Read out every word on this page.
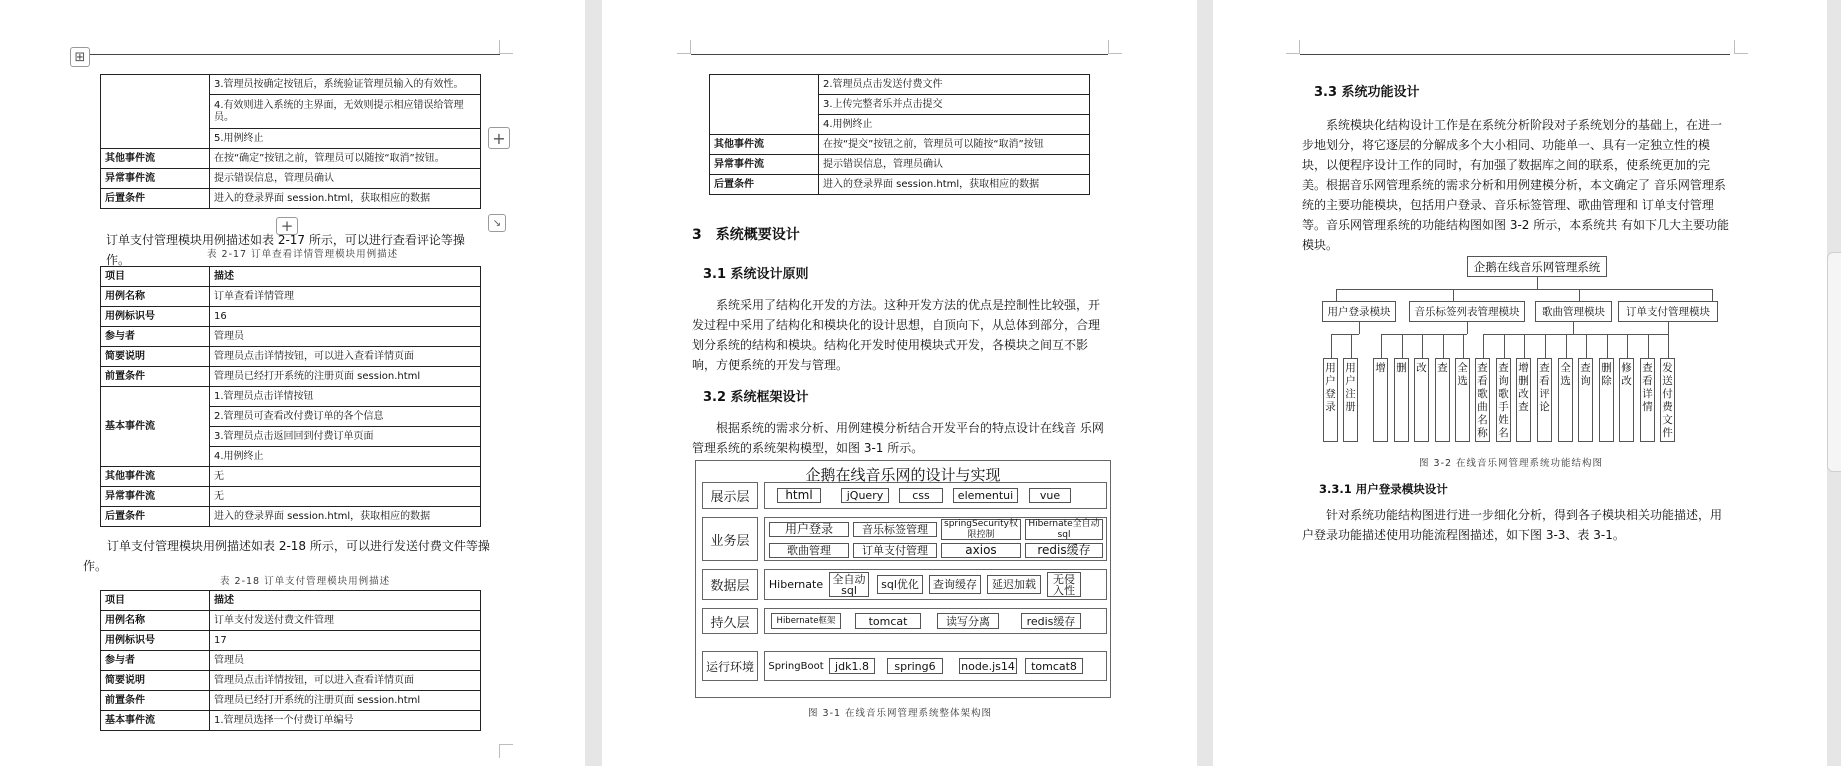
⊞
	3.管理员按确定按钮后，系统验证管理员输入的有效性。
	4.有效则进入系统的主界面，无效则提示相应错误给管理员。
	5.用例终止
其他事件流	在按“确定”按钮之前，管理员可以随按“取消”按钮。
异常事件流	提示错误信息，管理员确认
后置条件	进入的登录界面 session.html，获取相应的数据
+
+	↘
订单支付管理模块用例描述如表 2-17 所示，可以进行查看评论等操作。	表 2-17 订单查看详情管理模块用例描述
项目	描述
用例名称	订单查看详情管理
用例标识号	16
参与者	管理员
简要说明	管理员点击详情按钮，可以进入查看详情页面
前置条件	管理员已经打开系统的注册页面 session.html
基本事件流	1.管理员点击详情按钮
	2.管理员可查看改付费订单的各个信息
	3.管理员点击返回回到付费订单页面
	4.用例终止
其他事件流	无
异常事件流	无
后置条件	进入的登录界面 session.html，获取相应的数据
订单支付管理模块用例描述如表 2-18 所示，可以进行发送付费文件等操作。
表 2-18 订单支付管理模块用例描述
项目	描述
用例名称	订单支付发送付费文件管理
用例标识号	17
参与者	管理员
简要说明	管理员点击详情按钮，可以进入查看详情页面
前置条件	管理员已经打开系统的注册页面 session.html
基本事件流	1.管理员选择一个付费订单编号
	2.管理员点击发送付费文件
	3.上传完整者乐并点击提交
	4.用例终止
其他事件流	在按“提交”按钮之前，管理员可以随按“取消”按钮
异常事件流	提示错误信息，管理员确认
后置条件	进入的登录界面 session.html，获取相应的数据
3　系统概要设计
3.1 系统设计原则
系统采用了结构化开发的方法。这种开发方法的优点是控制性比较强，开发过程中采用了结构化和模块化的设计思想，自顶向下，从总体到部分，合理划分系统的结构和模块。结构化开发时使用模块式开发，各模块之间互不影响，方便系统的开发与管理。
3.2 系统框架设计
根据系统的需求分析、用例建模分析结合开发平台的特点设计在线音 乐网管理系统的系统架构模型，如图 3-1 所示。
企鹅在线音乐网的设计与实现
展示层	html	jQuery	css	elementui	vue
业务层
用户登录	音乐标签管理	springSecurity权限控制
Hibernate全自动sql
歌曲管理	订单支付管理	axios	redis缓存
数据层	Hibernate 全自动sql	sql优化	查询缓存	延迟加载	无侵入性
持久层	Hibernate框架	tomcat	读写分离	redis缓存
运行环境	SpringBoot	jdk1.8	spring6	node.js14	tomcat8
图 3-1 在线音乐网管理系统整体架构图
3.3 系统功能设计
系统模块化结构设计工作是在系统分析阶段对子系统划分的基础上，在进一步地划分，将它逐层的分解成多个大小相同、功能单一、具有一定独立性的模块，以便程序设计工作的同时，有加强了数据库之间的联系，使系统更加的完美。根据音乐网管理系统的需求分析和用例建模分析，本文确定了 音乐网管理系统的主要功能模块，包括用户登录、音乐标签管理、歌曲管理和 订单支付管理等。音乐网管理系统的功能结构图如图 3-2 所示，本系统共 有如下几大主要功能模块。
企鹅在线音乐网管理系统
用户登录模块	音乐标签列表管理模块	歌曲管理模块	订单支付管理模块
用户登录
用户注册
增 删 改 查 全选
查看歌曲名称
查询歌手姓名
增删改查
查看评论
全选
查询
删除
修改
查看详情
发送付费文件
图 3-2 在线音乐网管理系统功能结构图
3.3.1 用户登录模块设计
针对系统功能结构图进行进一步细化分析，得到各子模块相关功能描述，用户登录功能描述使用功能流程图描述，如下图 3-3、表 3-1。
